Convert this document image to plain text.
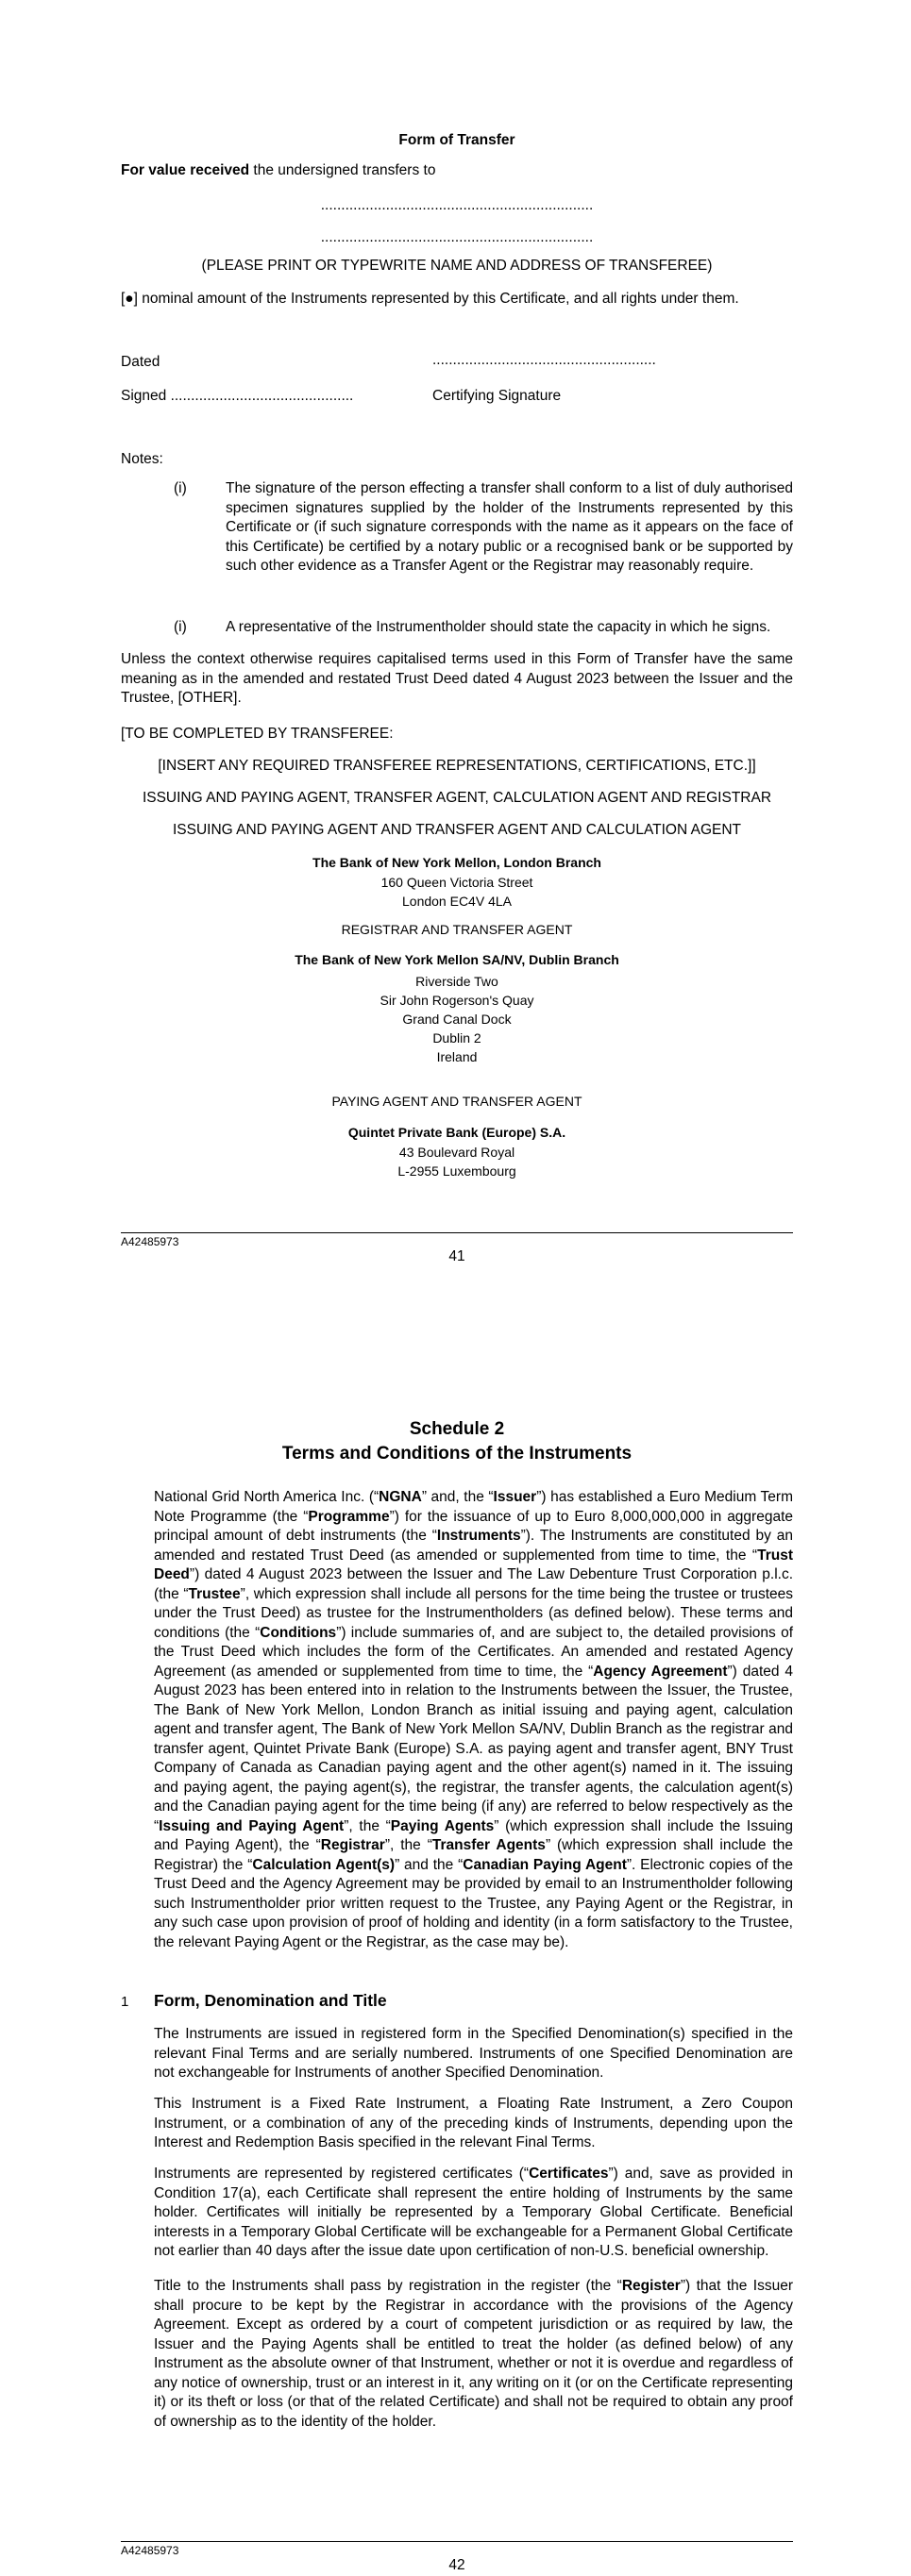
Form of Transfer
For value received the undersigned transfers to
...................................................................
...................................................................
(PLEASE PRINT OR TYPEWRITE NAME AND ADDRESS OF TRANSFEREE)
[●] nominal amount of the Instruments represented by this Certificate, and all rights under them.
Dated	.......................................................
Signed .............................................	Certifying Signature
Notes:
(i)	The signature of the person effecting a transfer shall conform to a list of duly authorised specimen signatures supplied by the holder of the Instruments represented by this Certificate or (if such signature corresponds with the name as it appears on the face of this Certificate) be certified by a notary public or a recognised bank or be supported by such other evidence as a Transfer Agent or the Registrar may reasonably require.
(i)	A representative of the Instrumentholder should state the capacity in which he signs.
Unless the context otherwise requires capitalised terms used in this Form of Transfer have the same meaning as in the amended and restated Trust Deed dated 4 August 2023 between the Issuer and the Trustee, [OTHER].
[TO BE COMPLETED BY TRANSFEREE:
[INSERT ANY REQUIRED TRANSFEREE REPRESENTATIONS, CERTIFICATIONS, ETC.]]
ISSUING AND PAYING AGENT, TRANSFER AGENT, CALCULATION AGENT AND REGISTRAR
ISSUING AND PAYING AGENT AND TRANSFER AGENT AND CALCULATION AGENT
The Bank of New York Mellon, London Branch
160 Queen Victoria Street
London EC4V 4LA
REGISTRAR AND TRANSFER AGENT
The Bank of New York Mellon SA/NV, Dublin Branch
Riverside Two
Sir John Rogerson's Quay
Grand Canal Dock
Dublin 2
Ireland
PAYING AGENT AND TRANSFER AGENT
Quintet Private Bank (Europe) S.A.
43 Boulevard Royal
L-2955 Luxembourg
A42485973
41
Schedule 2
Terms and Conditions of the Instruments
National Grid North America Inc. (“NGNA” and, the “Issuer”) has established a Euro Medium Term Note Programme (the “Programme”) for the issuance of up to Euro 8,000,000,000 in aggregate principal amount of debt instruments (the “Instruments”). The Instruments are constituted by an amended and restated Trust Deed (as amended or supplemented from time to time, the “Trust Deed”) dated 4 August 2023 between the Issuer and The Law Debenture Trust Corporation p.l.c. (the “Trustee”, which expression shall include all persons for the time being the trustee or trustees under the Trust Deed) as trustee for the Instrumentholders (as defined below). These terms and conditions (the “Conditions”) include summaries of, and are subject to, the detailed provisions of the Trust Deed which includes the form of the Certificates. An amended and restated Agency Agreement (as amended or supplemented from time to time, the “Agency Agreement”) dated 4 August 2023 has been entered into in relation to the Instruments between the Issuer, the Trustee, The Bank of New York Mellon, London Branch as initial issuing and paying agent, calculation agent and transfer agent, The Bank of New York Mellon SA/NV, Dublin Branch as the registrar and transfer agent, Quintet Private Bank (Europe) S.A. as paying agent and transfer agent, BNY Trust Company of Canada as Canadian paying agent and the other agent(s) named in it. The issuing and paying agent, the paying agent(s), the registrar, the transfer agents, the calculation agent(s) and the Canadian paying agent for the time being (if any) are referred to below respectively as the “Issuing and Paying Agent”, the “Paying Agents” (which expression shall include the Issuing and Paying Agent), the “Registrar”, the “Transfer Agents” (which expression shall include the Registrar) the “Calculation Agent(s)” and the “Canadian Paying Agent”. Electronic copies of the Trust Deed and the Agency Agreement may be provided by email to an Instrumentholder following such Instrumentholder prior written request to the Trustee, any Paying Agent or the Registrar, in any such case upon provision of proof of holding and identity (in a form satisfactory to the Trustee, the relevant Paying Agent or the Registrar, as the case may be).
1 Form, Denomination and Title
The Instruments are issued in registered form in the Specified Denomination(s) specified in the relevant Final Terms and are serially numbered. Instruments of one Specified Denomination are not exchangeable for Instruments of another Specified Denomination.
This Instrument is a Fixed Rate Instrument, a Floating Rate Instrument, a Zero Coupon Instrument, or a combination of any of the preceding kinds of Instruments, depending upon the Interest and Redemption Basis specified in the relevant Final Terms.
Instruments are represented by registered certificates (“Certificates”) and, save as provided in Condition 17(a), each Certificate shall represent the entire holding of Instruments by the same holder. Certificates will initially be represented by a Temporary Global Certificate. Beneficial interests in a Temporary Global Certificate will be exchangeable for a Permanent Global Certificate not earlier than 40 days after the issue date upon certification of non-U.S. beneficial ownership.
Title to the Instruments shall pass by registration in the register (the “Register”) that the Issuer shall procure to be kept by the Registrar in accordance with the provisions of the Agency Agreement. Except as ordered by a court of competent jurisdiction or as required by law, the Issuer and the Paying Agents shall be entitled to treat the holder (as defined below) of any Instrument as the absolute owner of that Instrument, whether or not it is overdue and regardless of any notice of ownership, trust or an interest in it, any writing on it (or on the Certificate representing it) or its theft or loss (or that of the related Certificate) and shall not be required to obtain any proof of ownership as to the identity of the holder.
A42485973
42
